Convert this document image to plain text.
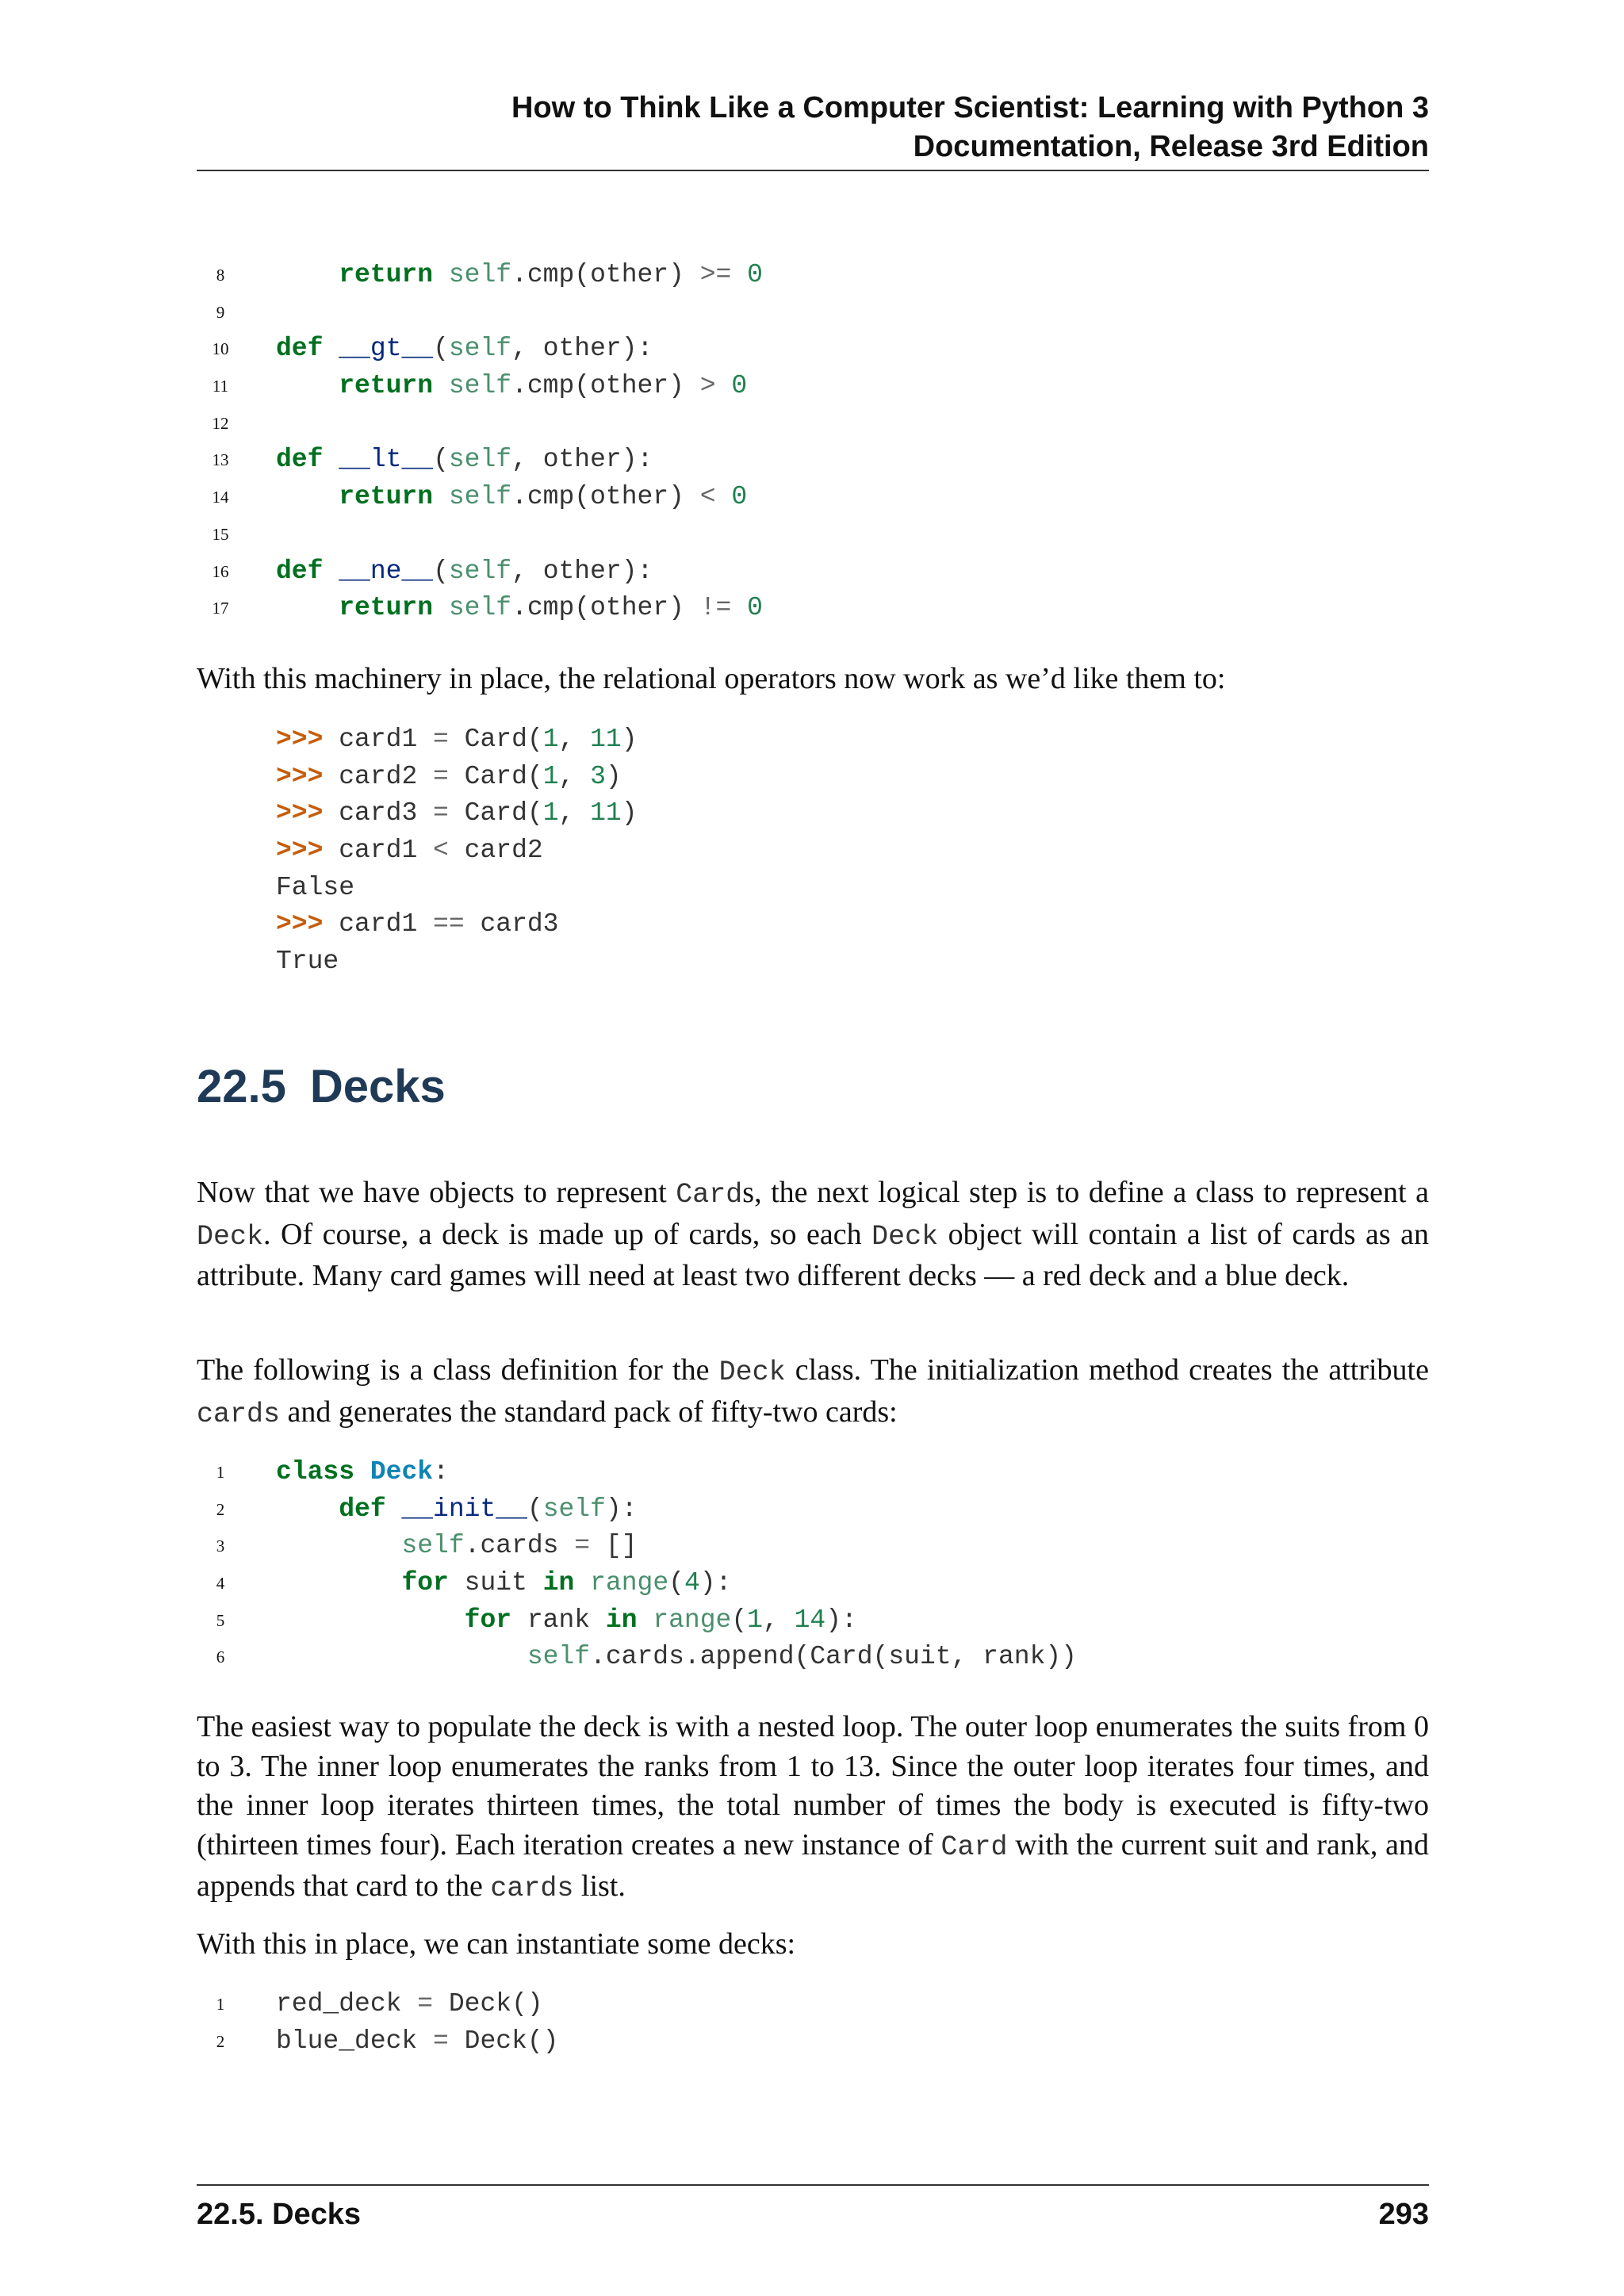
How to Think Like a Computer Scientist: Learning with Python 3
Documentation, Release 3rd Edition
8	return self.cmp(other) >= 0
9
10	def __gt__(self, other):
11	return self.cmp(other) > 0
12
13	def __lt__(self, other):
14	return self.cmp(other) < 0
15
16	def __ne__(self, other):
17	return self.cmp(other) != 0
With this machinery in place, the relational operators now work as we’d like them to:
>>> card1 = Card(1, 11)
>>> card2 = Card(1, 3)
>>> card3 = Card(1, 11)
>>> card1 < card2
False
>>> card1 == card3
True
22.5 Decks
Now that we have objects to represent Cards, the next logical step is to define a class to represent a Deck. Of course, a deck is made up of cards, so each Deck object will contain a list of cards as an attribute. Many card games will need at least two different decks — a red deck and a blue deck.
The following is a class definition for the Deck class. The initialization method creates the attribute cards and generates the standard pack of fifty-two cards:
1	class Deck:
2	def __init__(self):
3	self.cards = []
4	for suit in range(4):
5	for rank in range(1, 14):
6	self.cards.append(Card(suit, rank))
The easiest way to populate the deck is with a nested loop. The outer loop enumerates the suits from 0 to 3. The inner loop enumerates the ranks from 1 to 13. Since the outer loop iterates four times, and the inner loop iterates thirteen times, the total number of times the body is executed is fifty-two (thirteen times four). Each iteration creates a new instance of Card with the current suit and rank, and appends that card to the cards list.
With this in place, we can instantiate some decks:
1	red_deck = Deck()
2	blue_deck = Deck()
22.5. Decks	293
